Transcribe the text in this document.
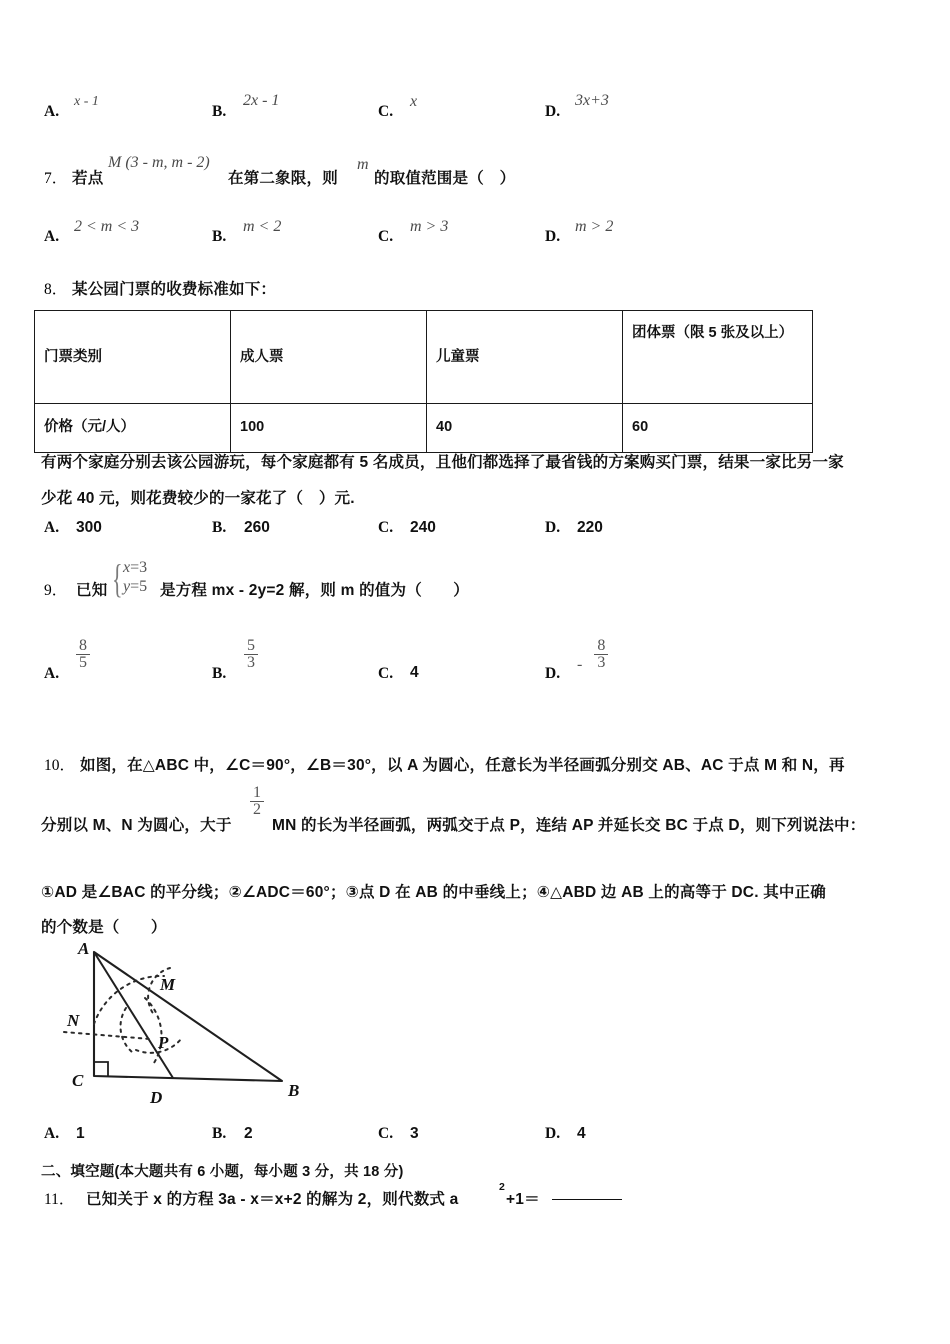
A.
x - 1
B.
2x - 1
C.
x
D.
3x+3
7． 若点
M (3 - m, m - 2)
在第二象限，则
m
的取值范围是（　）
A.
2 < m < 3
B.
m < 2
C.
m > 3
D.
m > 2
8． 某公园门票的收费标准如下：
门票类别	成人票	儿童票	团体票（限 5 张及以上）
价格（元/人）	100	40	60
有两个家庭分别去该公园游玩，每个家庭都有 5 名成员，且他们都选择了最省钱的方案购买门票，结果一家比另一家
少花 40 元，则花费较少的一家花了（　）元.
A. 300	B. 260	C. 240	D. 220
9． 已知 { x=3
y=5 是方程 mx - 2y=2 解，则 m 的值为（　　）
A.
$\frac{8}{5}$
B.
$\frac{5}{3}$
C. 4	D.
- $\frac{8}{3}$
10． 如图，在△ABC 中，∠C＝90°，∠B＝30°，以 A 为圆心，任意长为半径画弧分别交 AB、AC 于点 M 和 N，再
分别以 M、N 为圆心，大于
$\frac{1}{2}$
MN 的长为半径画弧，两弧交于点 P，连结 AP 并延长交 BC 于点 D，则下列说法中：
①AD 是∠BAC 的平分线；②∠ADC＝60°；③点 D 在 AB 的中垂线上；④△ABD 边 AB 上的高等于 DC. 其中正确
的个数是（　　）
A
M
N
P
C
D	B
A. 1	B. 2	C. 3	D. 4
二、填空题(本大题共有 6 小题，每小题 3 分，共 18 分)
11． 已知关于 x 的方程 3a - x＝x+2 的解为 2，则代数式 a
2
+1＝
